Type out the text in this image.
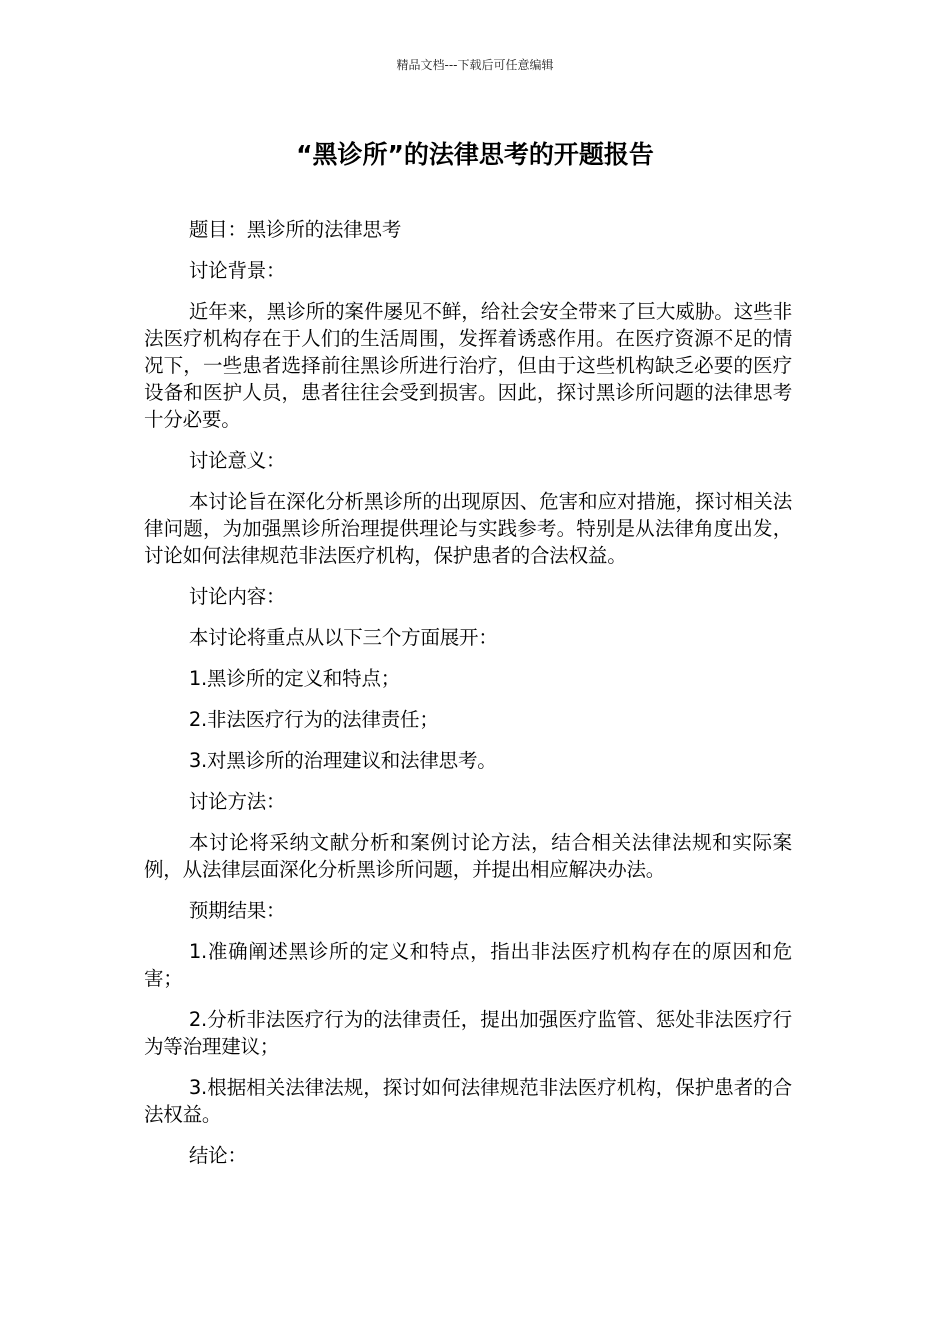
精品文档---下载后可任意编辑
“黑诊所”的法律思考的开题报告

题目：黑诊所的法律思考

讨论背景：

近年来，黑诊所的案件屡见不鲜，给社会安全带来了巨大威胁。这些非法医疗机构存在于人们的生活周围，发挥着诱惑作用。在医疗资源不足的情况下，一些患者选择前往黑诊所进行治疗，但由于这些机构缺乏必要的医疗设备和医护人员，患者往往会受到损害。因此，探讨黑诊所问题的法律思考十分必要。

讨论意义：

本讨论旨在深化分析黑诊所的出现原因、危害和应对措施，探讨相关法律问题，为加强黑诊所治理提供理论与实践参考。特别是从法律角度出发，讨论如何法律规范非法医疗机构，保护患者的合法权益。

讨论内容：

本讨论将重点从以下三个方面展开：

1.黑诊所的定义和特点；

2.非法医疗行为的法律责任；

3.对黑诊所的治理建议和法律思考。

讨论方法：

本讨论将采纳文献分析和案例讨论方法，结合相关法律法规和实际案例，从法律层面深化分析黑诊所问题，并提出相应解决办法。

预期结果：

1.准确阐述黑诊所的定义和特点，指出非法医疗机构存在的原因和危害；

2.分析非法医疗行为的法律责任，提出加强医疗监管、惩处非法医疗行为等治理建议；

3.根据相关法律法规，探讨如何法律规范非法医疗机构，保护患者的合法权益。

结论：
